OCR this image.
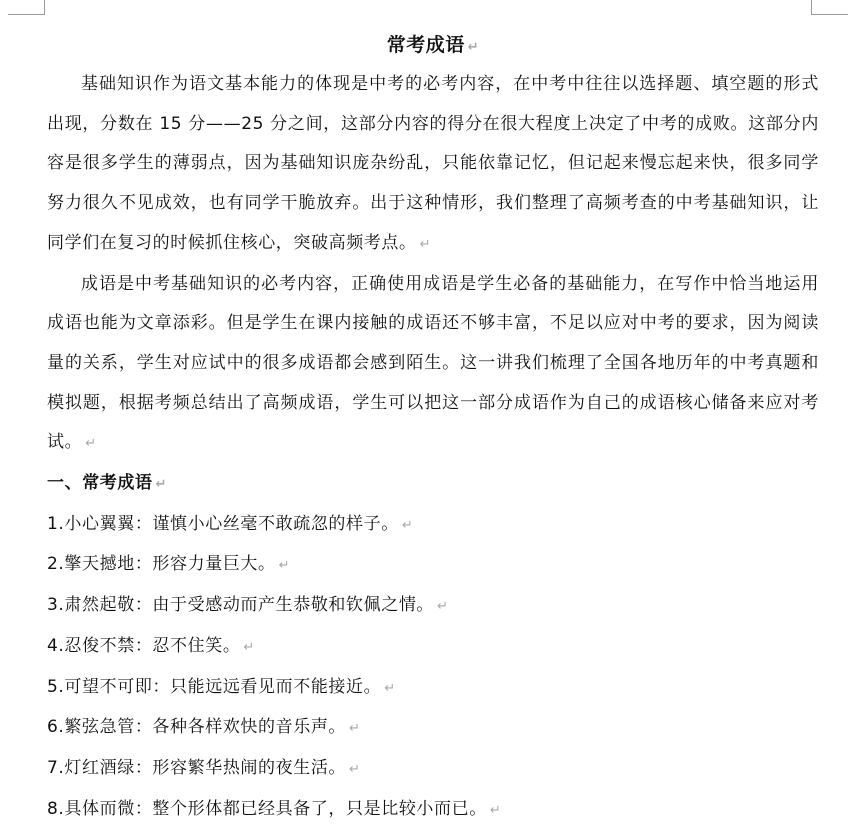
常考成语 ↵

基础知识作为语文基本能力的体现是中考的必考内容，在中考中往往以选择题、填空题的形式出现，分数在 15 分——25 分之间，这部分内容的得分在很大程度上决定了中考的成败。这部分内容是很多学生的薄弱点，因为基础知识庞杂纷乱，只能依靠记忆，但记起来慢忘起来快，很多同学努力很久不见成效，也有同学干脆放弃。出于这种情形，我们整理了高频考查的中考基础知识，让同学们在复习的时候抓住核心，突破高频考点。 ↵

成语是中考基础知识的必考内容，正确使用成语是学生必备的基础能力，在写作中恰当地运用成语也能为文章添彩。但是学生在课内接触的成语还不够丰富，不足以应对中考的要求，因为阅读量的关系，学生对应试中的很多成语都会感到陌生。这一讲我们梳理了全国各地历年的中考真题和模拟题，根据考频总结出了高频成语，学生可以把这一部分成语作为自己的成语核心储备来应对考试。 ↵

一、常考成语 ↵

1.小心翼翼：谨慎小心丝毫不敢疏忽的样子。 ↵

2.擎天撼地：形容力量巨大。 ↵

3.肃然起敬：由于受感动而产生恭敬和钦佩之情。 ↵

4.忍俊不禁：忍不住笑。 ↵

5.可望不可即：只能远远看见而不能接近。 ↵

6.繁弦急管：各种各样欢快的音乐声。 ↵

7.灯红酒绿：形容繁华热闹的夜生活。 ↵

8.具体而微：整个形体都已经具备了，只是比较小而已。 ↵
